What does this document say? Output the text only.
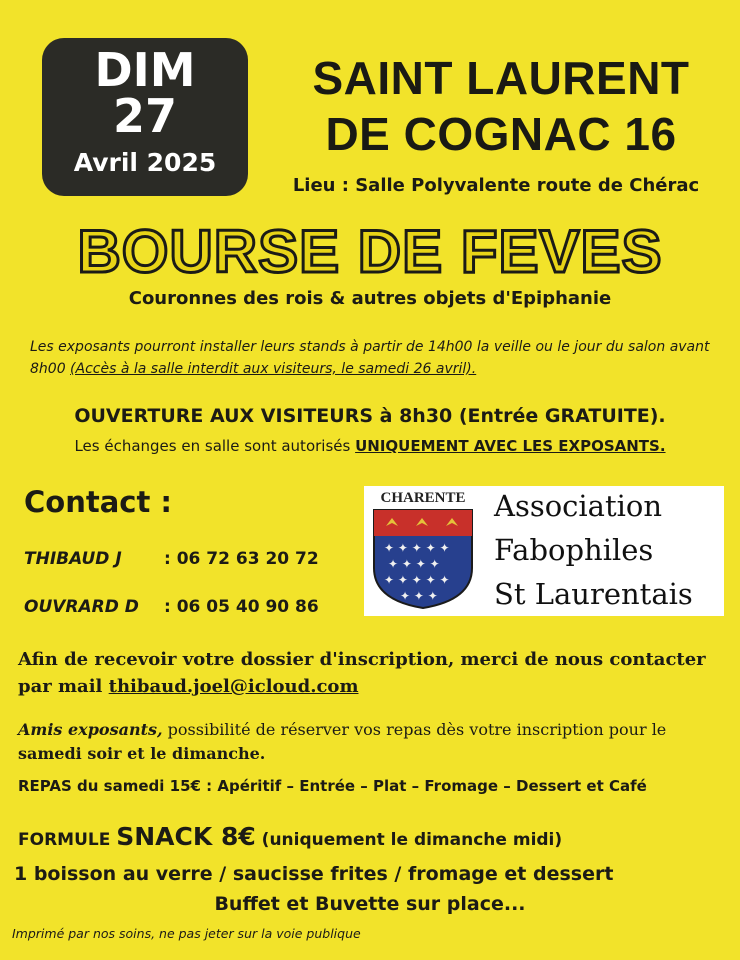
DIM
27
Avril 2025
SAINT LAURENT
DE COGNAC 16
Lieu : Salle Polyvalente route de Chérac
BOURSE DE FEVES
Couronnes des rois & autres objets d'Epiphanie
Les exposants pourront installer leurs stands à partir de 14h00 la veille ou le jour du salon avant 8h00 (Accès à la salle interdit aux visiteurs, le samedi 26 avril).
OUVERTURE AUX VISITEURS à 8h30 (Entrée GRATUITE).
Les échanges en salle sont autorisés UNIQUEMENT AVEC LES EXPOSANTS.
Contact :
THIBAUD J : 06 72 63 20 72
OUVRARD D : 06 05 40 90 86
CHARENTE
✦ ✦ ✦ ✦ ✦
✦ ✦ ✦ ✦
✦ ✦ ✦ ✦ ✦
✦ ✦ ✦
Association
Fabophiles
St Laurentais
Afin de recevoir votre dossier d'inscription, merci de nous contacter par mail thibaud.joel@icloud.com
Amis exposants, possibilité de réserver vos repas dès votre inscription pour le samedi soir et le dimanche.
REPAS du samedi 15€ : Apéritif – Entrée – Plat – Fromage – Dessert et Café
FORMULE SNACK 8€ (uniquement le dimanche midi)
1 boisson au verre / saucisse frites / fromage et dessert
Buffet et Buvette sur place...
Imprimé par nos soins, ne pas jeter sur la voie publique
